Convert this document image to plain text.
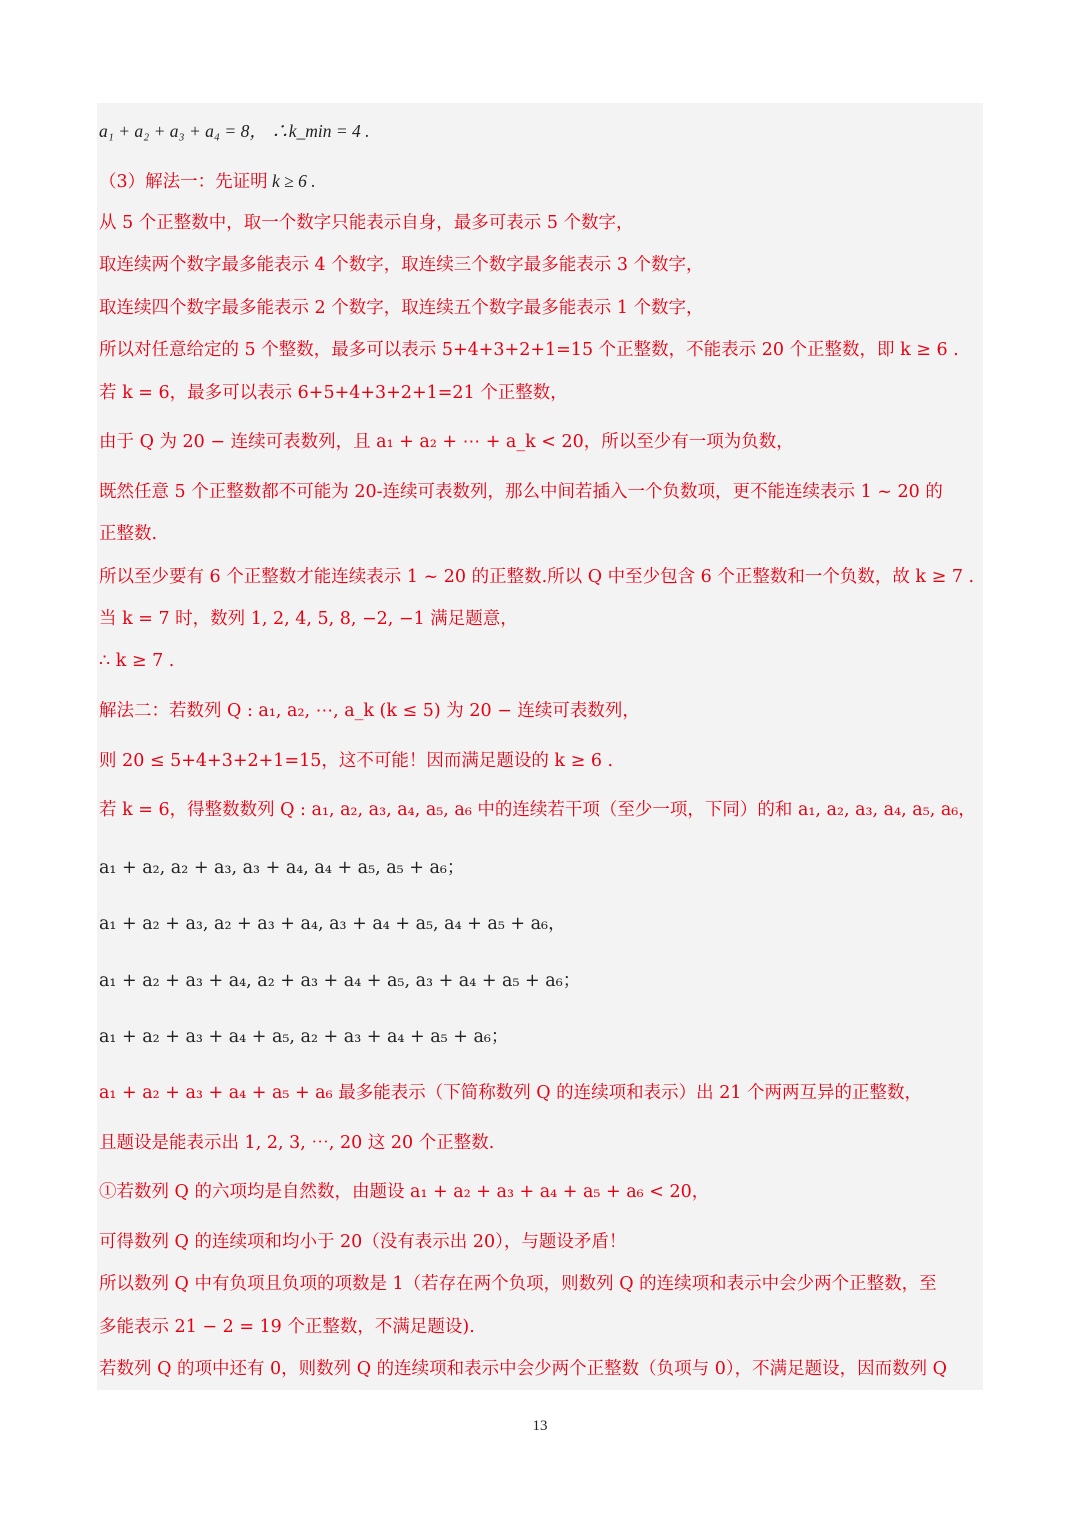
a₁ + a₂ + a₃ + a₄ = 8， ∴k_min = 4 .
（3）解法一：先证明 k ≥ 6 .
从 5 个正整数中，取一个数字只能表示自身，最多可表示 5 个数字，
取连续两个数字最多能表示 4 个数字，取连续三个数字最多能表示 3 个数字，
取连续四个数字最多能表示 2 个数字，取连续五个数字最多能表示 1 个数字，
所以对任意给定的 5 个整数，最多可以表示 5+4+3+2+1=15 个正整数，不能表示 20 个正整数，即 k ≥ 6 .
若 k = 6，最多可以表示 6+5+4+3+2+1=21 个正整数，
由于 Q 为 20 − 连续可表数列，且 a₁ + a₂ + ⋯ + a_k < 20，所以至少有一项为负数，
既然任意 5 个正整数都不可能为 20-连续可表数列，那么中间若插入一个负数项，更不能连续表示 1 ~ 20 的
正整数.
所以至少要有 6 个正整数才能连续表示 1 ~ 20 的正整数.所以 Q 中至少包含 6 个正整数和一个负数，故 k ≥ 7 .
当 k = 7 时，数列 1, 2, 4, 5, 8, −2, −1 满足题意，
∴ k ≥ 7 .
解法二：若数列 Q : a₁, a₂, ⋯, a_k (k ≤ 5) 为 20 − 连续可表数列，
则 20 ≤ 5+4+3+2+1=15，这不可能！因而满足题设的 k ≥ 6 .
若 k = 6，得整数数列 Q : a₁, a₂, a₃, a₄, a₅, a₆ 中的连续若干项（至少一项，下同）的和 a₁, a₂, a₃, a₄, a₅, a₆，
a₁ + a₂, a₂ + a₃, a₃ + a₄, a₄ + a₅, a₅ + a₆；
a₁ + a₂ + a₃, a₂ + a₃ + a₄, a₃ + a₄ + a₅, a₄ + a₅ + a₆，
a₁ + a₂ + a₃ + a₄, a₂ + a₃ + a₄ + a₅, a₃ + a₄ + a₅ + a₆；
a₁ + a₂ + a₃ + a₄ + a₅, a₂ + a₃ + a₄ + a₅ + a₆；
a₁ + a₂ + a₃ + a₄ + a₅ + a₆ 最多能表示（下简称数列 Q 的连续项和表示）出 21 个两两互异的正整数，
且题设是能表示出 1, 2, 3, ⋯, 20 这 20 个正整数.
①若数列 Q 的六项均是自然数，由题设 a₁ + a₂ + a₃ + a₄ + a₅ + a₆ < 20，
可得数列 Q 的连续项和均小于 20（没有表示出 20），与题设矛盾！
所以数列 Q 中有负项且负项的项数是 1（若存在两个负项，则数列 Q 的连续项和表示中会少两个正整数，至
多能表示 21 − 2 = 19 个正整数，不满足题设).
若数列 Q 的项中还有 0，则数列 Q 的连续项和表示中会少两个正整数（负项与 0），不满足题设，因而数列 Q
13
